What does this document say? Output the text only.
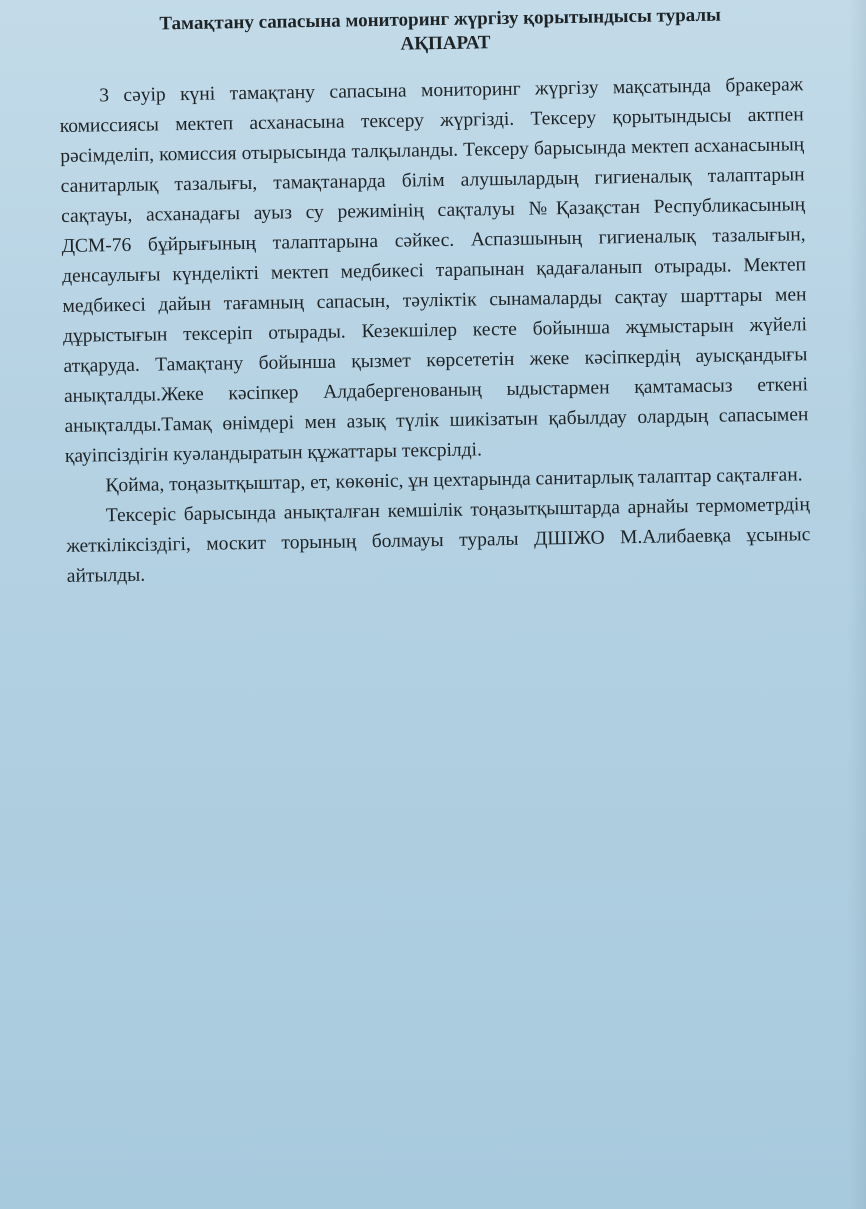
Тамақтану сапасына мониторинг жүргізу қорытындысы туралы

АҚПАРАТ

3 сәуір күні тамақтану сапасына мониторинг жүргізу мақсатында бракераж комиссиясы мектеп асханасына тексеру жүргізді. Тексеру қорытындысы актпен рәсімделіп, комиссия отырысында талқыланды. Тексеру барысында мектеп асханасының санитарлық тазалығы, тамақтанарда білім алушылардың гигиеналық талаптарын сақтауы, асханадағы ауыз су режимінің сақталуы №Қазақстан Республикасының ДСМ-76 бұйрығының талаптарына сәйкес. Аспазшының гигиеналық тазалығын, денсаулығы күнделікті мектеп медбикесі тарапынан қадағаланып отырады. Мектеп медбикесі дайын тағамның сапасын, тәуліктік сынамаларды сақтау шарттары мен дұрыстығын тексеріп отырады. Кезекшілер кесте бойынша жұмыстарын жүйелі атқаруда. Тамақтану бойынша қызмет көрсететін жеке кәсіпкердің ауысқандығы анықталды.Жеке кәсіпкер Алдабергенованың ыдыстармен қамтамасыз еткені анықталды.Тамақ өнімдері мен азық түлік шикізатын қабылдау олардың сапасымен қауіпсіздігін куәландыратын құжаттары тексрілді.

Қойма, тоңазытқыштар, ет, көкөніс, ұн цехтарында санитарлық талаптар сақталған.

Тексеріс барысында анықталған кемшілік тоңазытқыштарда арнайы термометрдің жеткіліксіздігі, москит торының болмауы туралы ДШІЖО М.Алибаевқа ұсыныс айтылды.
